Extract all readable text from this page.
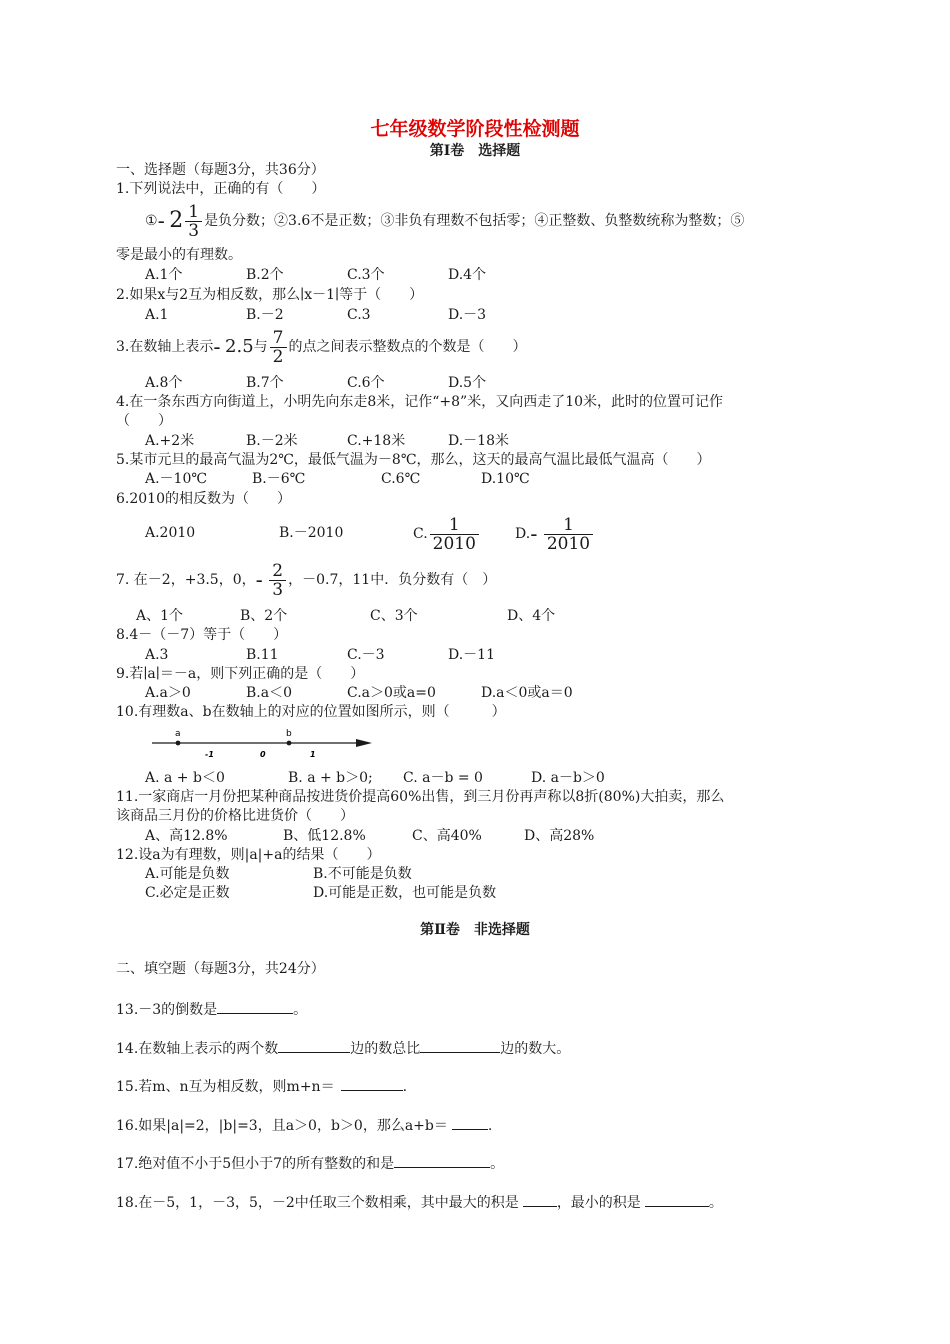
七年级数学阶段性检测题
第Ⅰ卷　选择题
一、选择题（每题3分，共36分）
1.下列说法中，正确的有（　　）
①- $2 \frac{1}{3}$ 是负分数；②3.6不是正数；③非负有理数不包括零；④正整数、负整数统称为整数；⑤
零是最小的有理数。
A.1个	B.2个	C.3个	D.4个
2.如果x与2互为相反数，那么∣x－1∣等于（　　）
A.1	B.－2	C.3	D.－3
3.在数轴上表示- 2.5与 $\frac{7}{2}$ 的点之间表示整数点的个数是（　　）
A.8个	B.7个	C.6个	D.5个
4.在一条东西方向街道上，小明先向东走8米，记作“+8”米，又向西走了10米，此时的位置可记作
（　　）
A.+2米	B.－2米	C.+18米	D.－18米
5.某市元旦的最高气温为2℃，最低气温为－8℃，那么，这天的最高气温比最低气温高（　　）
A.－10℃	B.－6℃	C.6℃	D.10℃
6.2010的相反数为（　　）
A.2010	B.－2010	C. $\frac{1}{2010}$	$D.- \frac{1}{2010}$
7. 在－2，+3.5，0，- $\frac{2}{3}$ ，－0.7，11中．负分数有（　）
A、1个	B、2个	C、3个	D、4个
8.4－（－7）等于（　　）
A.3	B.11	C.－3	D.－11
9.若∣a∣＝－a，则下列正确的是（　　）
A.a＞0	B.a＜0	C.a＞0或a=0	D.a＜0或a＝0
10.有理数a、b在数轴上的对应的位置如图所示，则（　　　）
a	b
-1	0	1
A. a + b＜0	B. a + b＞0; C. a－b = 0	D. a－b＞0
11.一家商店一月份把某种商品按进货价提高60%出售，到三月份再声称以8折(80%)大拍卖，那么
该商品三月份的价格比进货价（　　）
A、高12.8%	B、低12.8%	C、高40%	D、高28%
12.设a为有理数，则|a|+a的结果（　　）
A.可能是负数	B.不可能是负数
C.必定是正数	D.可能是正数，也可能是负数
第Ⅱ卷　非选择题
二、填空题（每题3分，共24分）
13.－3的倒数是	。
14.在数轴上表示的两个数	边的数总比	边的数大。
15.若m、n互为相反数，则m+n＝	.
16.如果|a|=2，|b|=3，且a＞0，b＞0，那么a+b＝	.
17.绝对值不小于5但小于7的所有整数的和是	。
18.在－5，1，－3，5，－2中任取三个数相乘，其中最大的积是	，最小的积是	。
